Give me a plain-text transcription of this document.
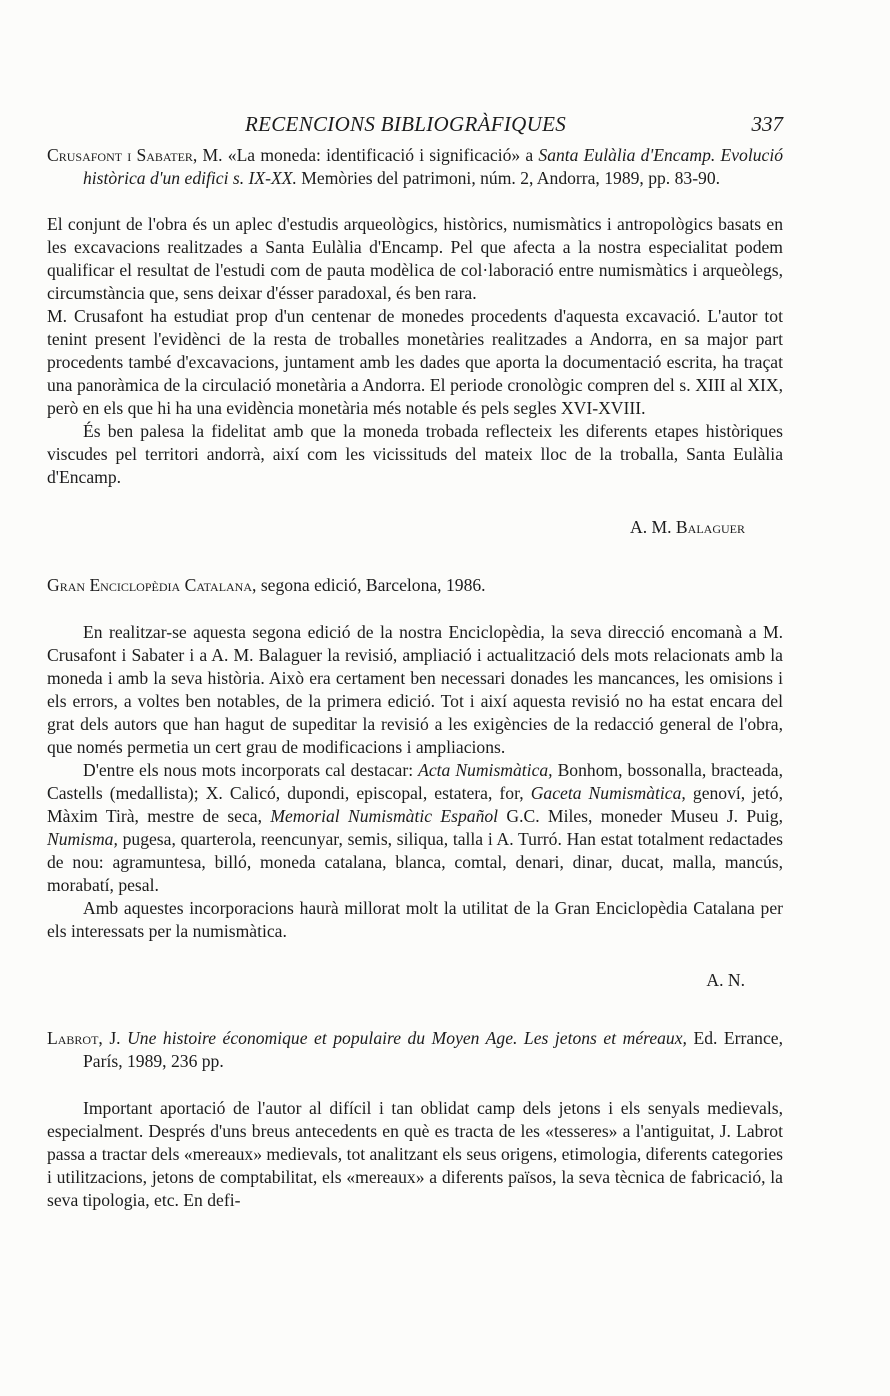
RECENCIONS BIBLIOGRÀFIQUES	337

Crusafont i Sabater, M. «La moneda: identificació i significació» a Santa Eulàlia d'Encamp. Evolució històrica d'un edifici s. IX-XX. Memòries del patrimoni, núm. 2, Andorra, 1989, pp. 83-90.

El conjunt de l'obra és un aplec d'estudis arqueològics, històrics, numismàtics i antropològics basats en les excavacions realitzades a Santa Eulàlia d'Encamp. Pel que afecta a la nostra especialitat podem qualificar el resultat de l'estudi com de pauta modèlica de col·laboració entre numismàtics i arqueòlegs, circumstància que, sens deixar d'ésser paradoxal, és ben rara.

M. Crusafont ha estudiat prop d'un centenar de monedes procedents d'aquesta excavació. L'autor tot tenint present l'evidènci de la resta de troballes monetàries realitzades a Andorra, en sa major part procedents també d'excavacions, juntament amb les dades que aporta la documentació escrita, ha traçat una panoràmica de la circulació monetària a Andorra. El periode cronològic compren del s. XIII al XIX, però en els que hi ha una evidència monetària més notable és pels segles XVI-XVIII.

És ben palesa la fidelitat amb que la moneda trobada reflecteix les diferents etapes històriques viscudes pel territori andorrà, així com les vicissituds del mateix lloc de la troballa, Santa Eulàlia d'Encamp.

A. M. Balaguer

Gran Enciclopèdia Catalana, segona edició, Barcelona, 1986.

En realitzar-se aquesta segona edició de la nostra Enciclopèdia, la seva direcció encomanà a M. Crusafont i Sabater i a A. M. Balaguer la revisió, ampliació i actualització dels mots relacionats amb la moneda i amb la seva història. Això era certament ben necessari donades les mancances, les omisions i els errors, a voltes ben notables, de la primera edició. Tot i així aquesta revisió no ha estat encara del grat dels autors que han hagut de supeditar la revisió a les exigències de la redacció general de l'obra, que només permetia un cert grau de modificacions i ampliacions.

D'entre els nous mots incorporats cal destacar: Acta Numismàtica, Bonhom, bossonalla, bracteada, Castells (medallista); X. Calicó, dupondi, episcopal, estatera, for, Gaceta Numismàtica, genoví, jetó, Màxim Tirà, mestre de seca, Memorial Numismàtic Español G.C. Miles, moneder Museu J. Puig, Numisma, pugesa, quarterola, reencunyar, semis, siliqua, talla i A. Turró. Han estat totalment redactades de nou: agramuntesa, billó, moneda catalana, blanca, comtal, denari, dinar, ducat, malla, mancús, morabatí, pesal.

Amb aquestes incorporacions haurà millorat molt la utilitat de la Gran Enciclopèdia Catalana per els interessats per la numismàtica.

A. N.

Labrot, J. Une histoire économique et populaire du Moyen Age. Les jetons et méreaux, Ed. Errance, París, 1989, 236 pp.

Important aportació de l'autor al difícil i tan oblidat camp dels jetons i els senyals medievals, especialment. Després d'uns breus antecedents en què es tracta de les «tesseres» a l'antiguitat, J. Labrot passa a tractar dels «mereaux» medievals, tot analitzant els seus origens, etimologia, diferents categories i utilitzacions, jetons de comptabilitat, els «mereaux» a diferents països, la seva tècnica de fabricació, la seva tipologia, etc. En defi-
